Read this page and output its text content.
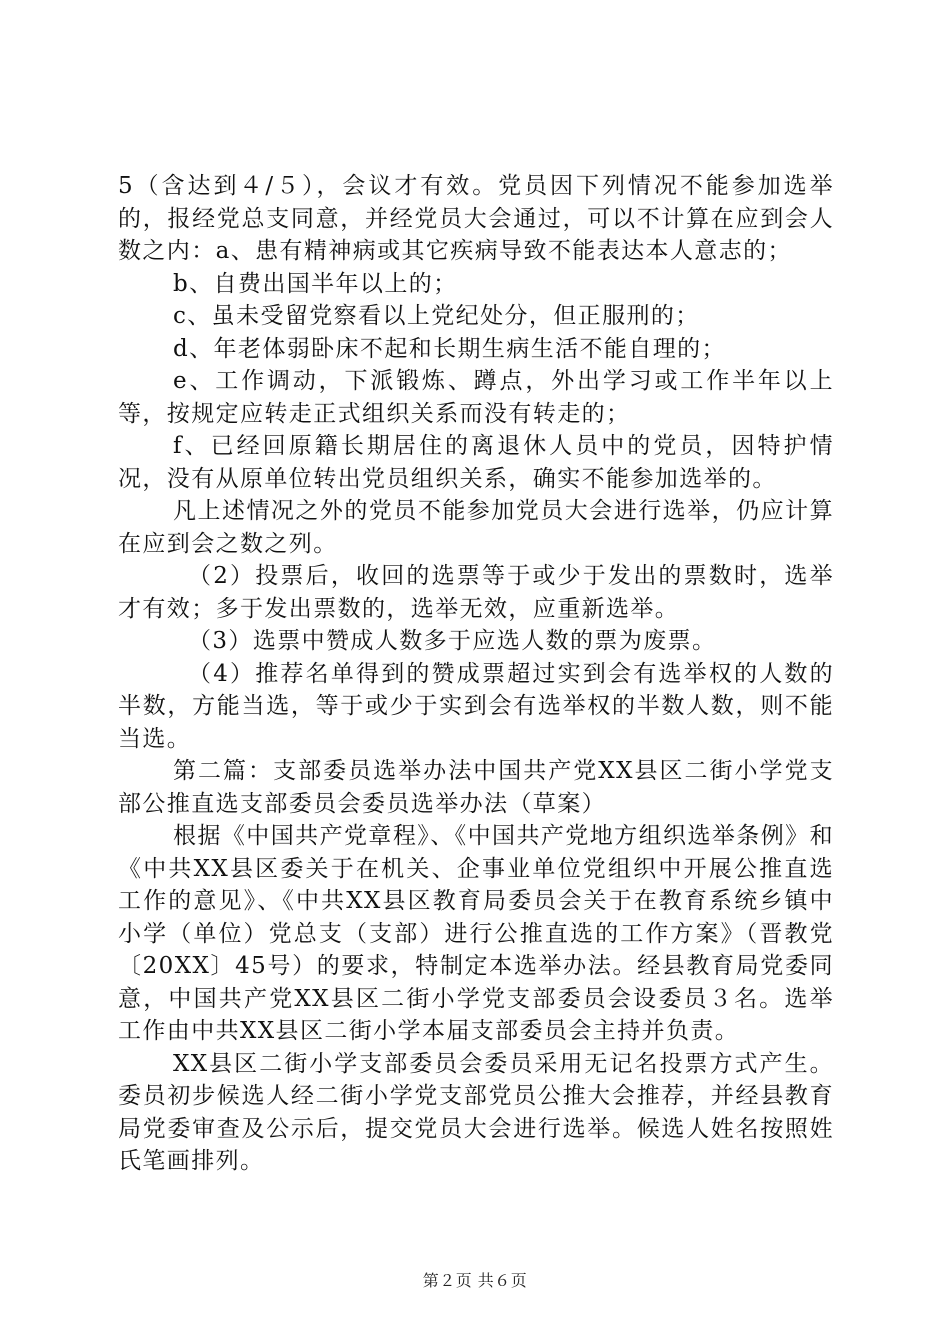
5（含达到４/５），会议才有效。党员因下列情况不能参加选举的，报经党总支同意，并经党员大会通过，可以不计算在应到会人数之内：a、患有精神病或其它疾病导致不能表达本人意志的；

b、自费出国半年以上的；

c、虽未受留党察看以上党纪处分，但正服刑的；

d、年老体弱卧床不起和长期生病生活不能自理的；

e、工作调动，下派锻炼、蹲点，外出学习或工作半年以上等，按规定应转走正式组织关系而没有转走的；

f、已经回原籍长期居住的离退休人员中的党员，因特护情况，没有从原单位转出党员组织关系，确实不能参加选举的。

凡上述情况之外的党员不能参加党员大会进行选举，仍应计算在应到会之数之列。

（2）投票后，收回的选票等于或少于发出的票数时，选举才有效；多于发出票数的，选举无效，应重新选举。

（3）选票中赞成人数多于应选人数的票为废票。

（4）推荐名单得到的赞成票超过实到会有选举权的人数的半数，方能当选，等于或少于实到会有选举权的半数人数，则不能当选。

第二篇：支部委员选举办法中国共产党XX县区二街小学党支部公推直选支部委员会委员选举办法（草案）

根据《中国共产党章程》、《中国共产党地方组织选举条例》和《中共XX县区委关于在机关、企事业单位党组织中开展公推直选工作的意见》、《中共XX县区教育局委员会关于在教育系统乡镇中小学（单位）党总支（支部）进行公推直选的工作方案》（晋教党〔20XX〕45号）的要求，特制定本选举办法。经县教育局党委同意，中国共产党XX县区二街小学党支部委员会设委员３名。选举工作由中共XX县区二街小学本届支部委员会主持并负责。

XX县区二街小学支部委员会委员采用无记名投票方式产生。委员初步候选人经二街小学党支部党员公推大会推荐，并经县教育局党委审查及公示后，提交党员大会进行选举。候选人姓名按照姓氏笔画排列。

第２页 共６页
